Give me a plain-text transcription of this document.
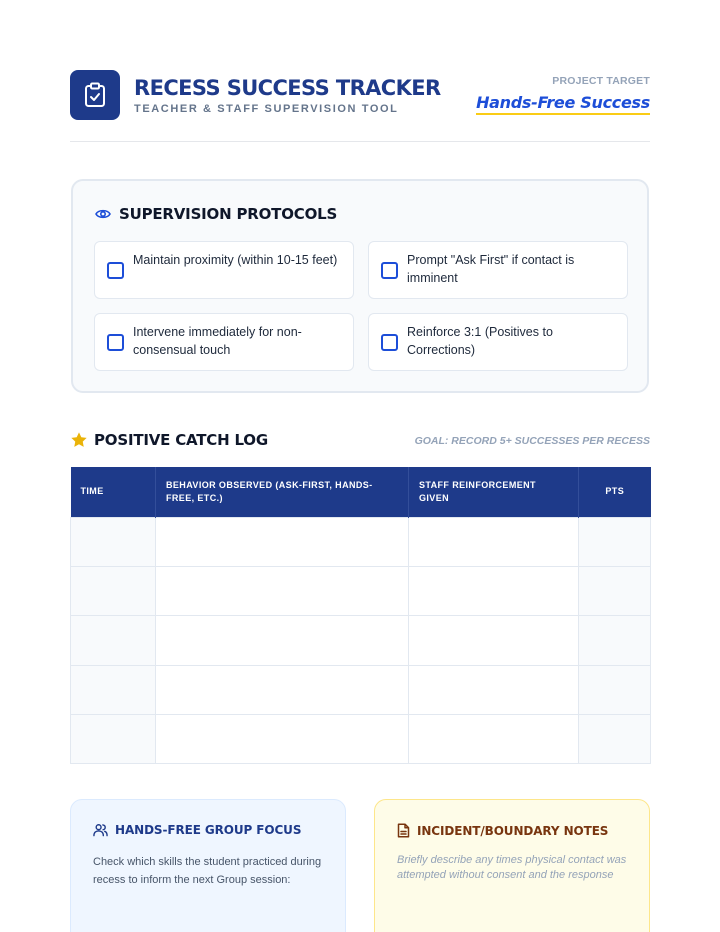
RECESS SUCCESS TRACKER
TEACHER & STAFF SUPERVISION TOOL
PROJECT TARGET
Hands-Free Success
SUPERVISION PROTOCOLS
Maintain proximity (within 10-15 feet)	Prompt "Ask First" if contact is imminent
Intervene immediately for non-consensual touch
Reinforce 3:1 (Positives to Corrections)
POSITIVE CATCH LOG	GOAL: RECORD 5+ SUCCESSES PER RECESS
TIME	BEHAVIOR OBSERVED (ASK-FIRST, HANDS-FREE, ETC.)	STAFF REINFORCEMENT GIVEN	PTS

HANDS-FREE GROUP FOCUS
Check which skills the student practiced during recess to inform the next Group session:
INCIDENT/BOUNDARY NOTES
Briefly describe any times physical contact was attempted without consent and the response
